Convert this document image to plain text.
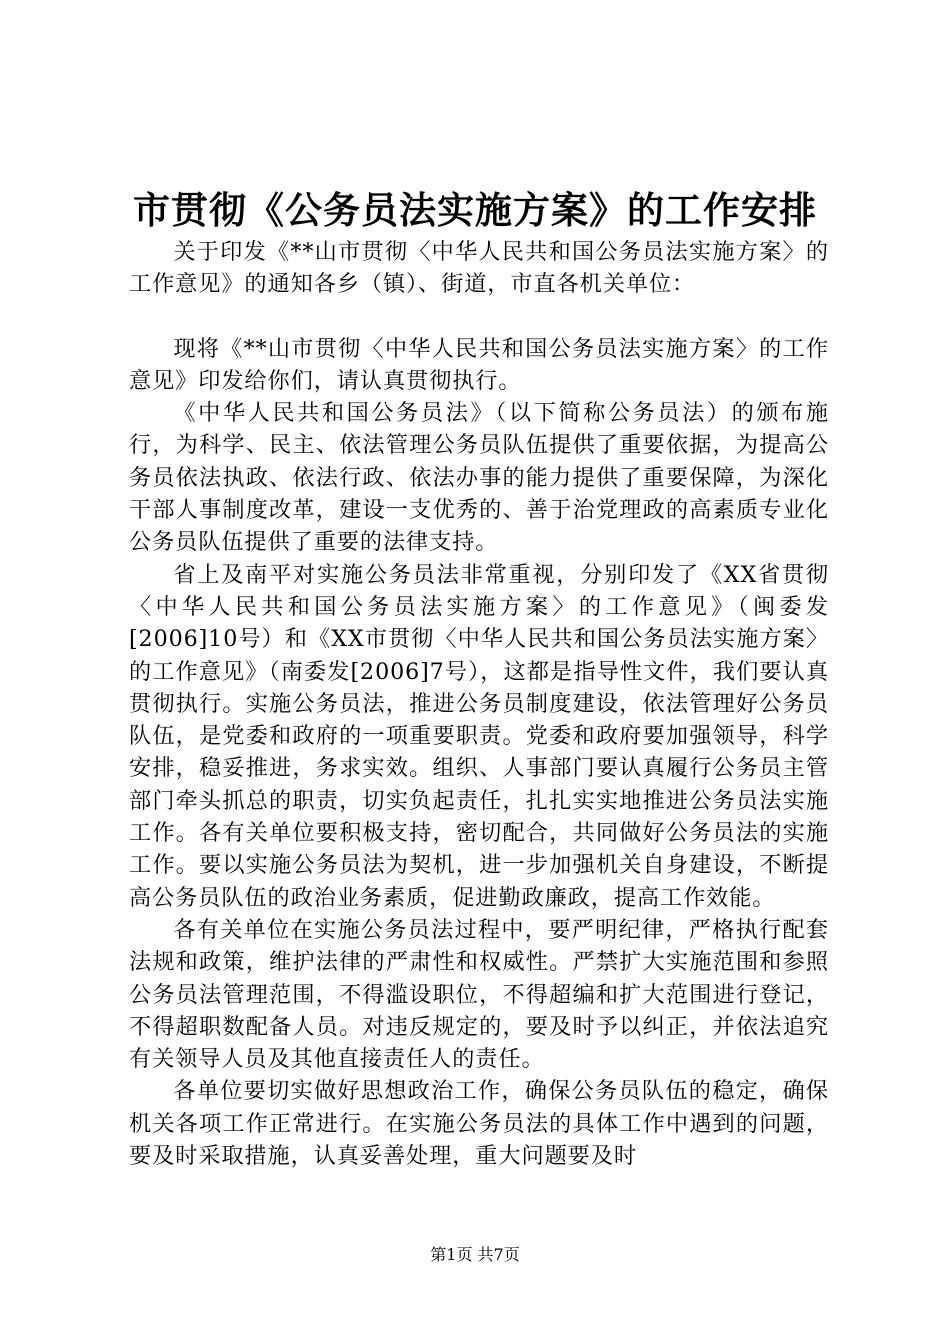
市贯彻《公务员法实施方案》的工作安排

关于印发《**山市贯彻〈中华人民共和国公务员法实施方案〉的工作意见》的通知各乡（镇）、街道，市直各机关单位：

现将《**山市贯彻〈中华人民共和国公务员法实施方案〉的工作意见》印发给你们，请认真贯彻执行。

《中华人民共和国公务员法》（以下简称公务员法）的颁布施行，为科学、民主、依法管理公务员队伍提供了重要依据，为提高公务员依法执政、依法行政、依法办事的能力提供了重要保障，为深化干部人事制度改革，建设一支优秀的、善于治党理政的高素质专业化公务员队伍提供了重要的法律支持。

省上及南平对实施公务员法非常重视，分别印发了《XX省贯彻〈中华人民共和国公务员法实施方案〉的工作意见》（闽委发[2006]10号）和《XX市贯彻〈中华人民共和国公务员法实施方案〉的工作意见》（南委发[2006]7号），这都是指导性文件，我们要认真贯彻执行。实施公务员法，推进公务员制度建设，依法管理好公务员队伍，是党委和政府的一项重要职责。党委和政府要加强领导，科学安排，稳妥推进，务求实效。组织、人事部门要认真履行公务员主管部门牵头抓总的职责，切实负起责任，扎扎实实地推进公务员法实施工作。各有关单位要积极支持，密切配合，共同做好公务员法的实施工作。要以实施公务员法为契机，进一步加强机关自身建设，不断提高公务员队伍的政治业务素质，促进勤政廉政，提高工作效能。

各有关单位在实施公务员法过程中，要严明纪律，严格执行配套法规和政策，维护法律的严肃性和权威性。严禁扩大实施范围和参照公务员法管理范围，不得滥设职位，不得超编和扩大范围进行登记，不得超职数配备人员。对违反规定的，要及时予以纠正，并依法追究有关领导人员及其他直接责任人的责任。

各单位要切实做好思想政治工作，确保公务员队伍的稳定，确保机关各项工作正常进行。在实施公务员法的具体工作中遇到的问题，要及时采取措施，认真妥善处理，重大问题要及时

第1页 共7页
